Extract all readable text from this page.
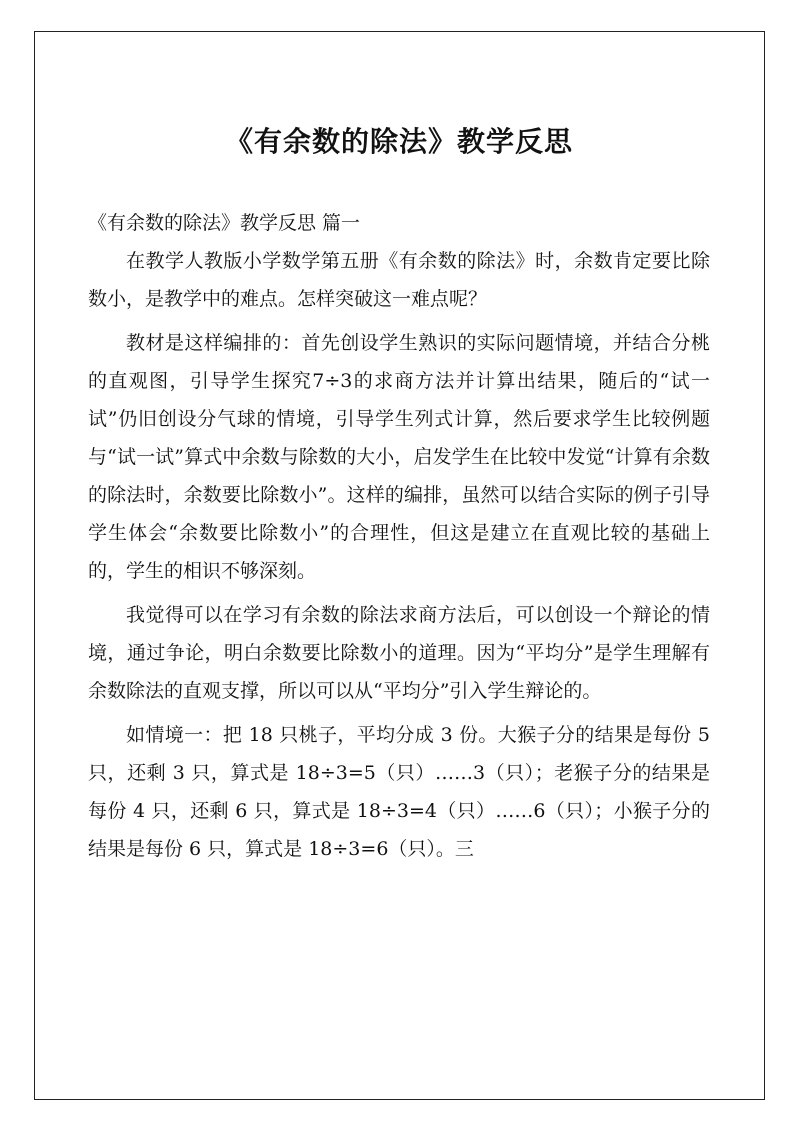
《有余数的除法》教学反思
《有余数的除法》教学反思 篇一

在教学人教版小学数学第五册《有余数的除法》时，余数肯定要比除数小，是教学中的难点。怎样突破这一难点呢？

教材是这样编排的：首先创设学生熟识的实际问题情境，并结合分桃的直观图，引导学生探究7÷3的求商方法并计算出结果，随后的“试一试”仍旧创设分气球的情境，引导学生列式计算，然后要求学生比较例题与“试一试”算式中余数与除数的大小，启发学生在比较中发觉“计算有余数的除法时，余数要比除数小”。这样的编排，虽然可以结合实际的例子引导学生体会“余数要比除数小”的合理性，但这是建立在直观比较的基础上的，学生的相识不够深刻。

我觉得可以在学习有余数的除法求商方法后，可以创设一个辩论的情境，通过争论，明白余数要比除数小的道理。因为“平均分”是学生理解有余数除法的直观支撑，所以可以从“平均分”引入学生辩论的。

如情境一：把 18 只桃子，平均分成 3 份。大猴子分的结果是每份 5 只，还剩 3 只，算式是 18÷3=5（只）……3（只）；老猴子分的结果是每份 4 只，还剩 6 只，算式是 18÷3=4（只）……6（只）；小猴子分的结果是每份 6 只，算式是 18÷3=6（只）。三
